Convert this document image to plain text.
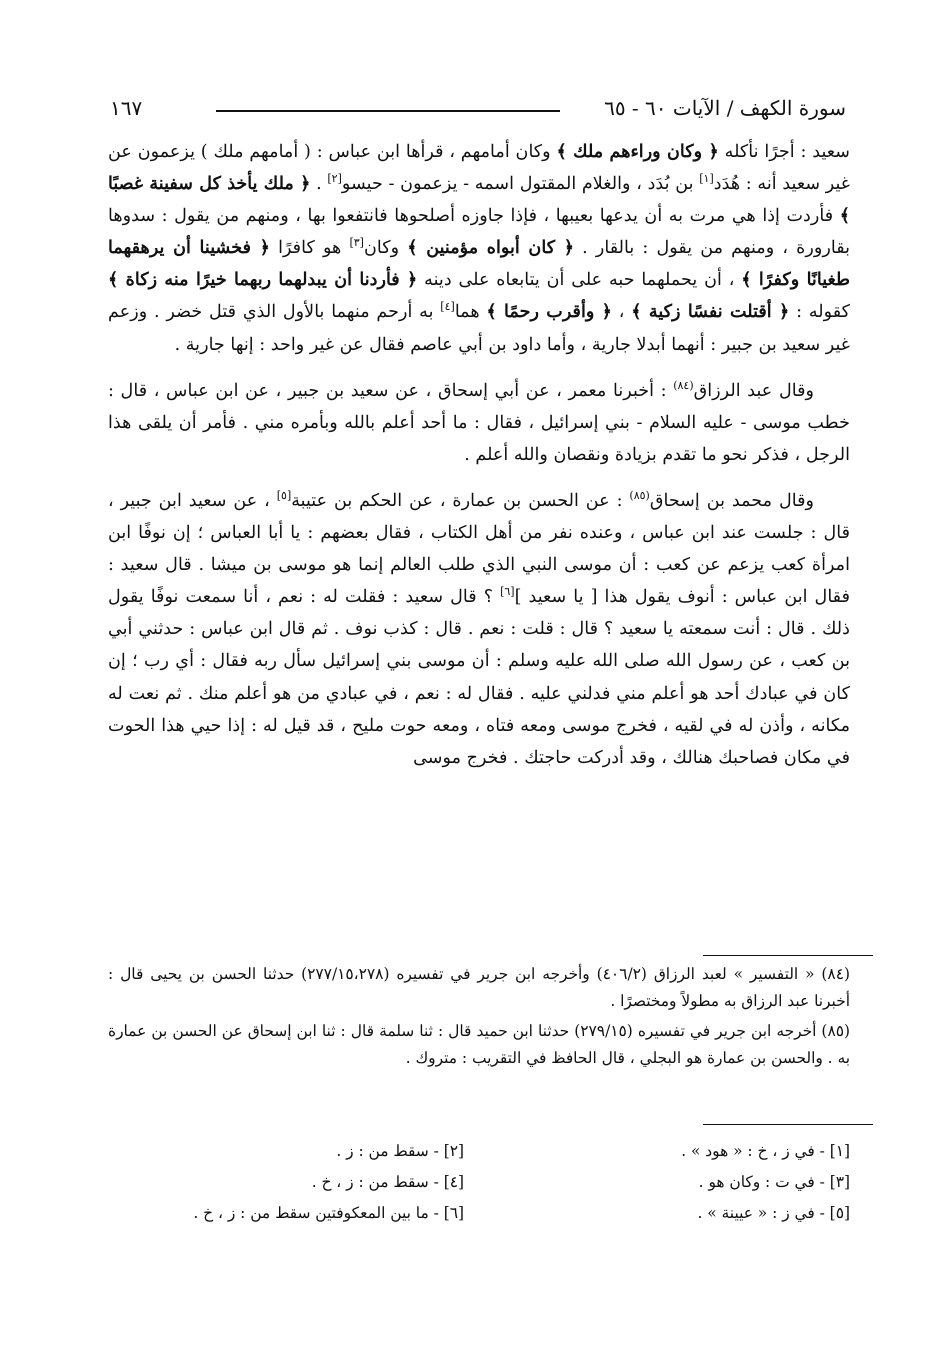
سورة الكهف / الآيات ٦٠ - ٦٥
١٦٧

سعيد : أجرًا نأكله ﴿ وكان وراءهم ملك ﴾ وكان أمامهم ، قرأها ابن عباس : ( أمامهم ملك ) يزعمون عن غير سعيد أنه : هُدَد[١] بن بُدَد ، والغلام المقتول اسمه - يزعمون - حيسو[٢] . ﴿ ملك يأخذ كل سفينة غصبًا ﴾ فأردت إذا هي مرت به أن يدعها بعيبها ، فإذا جاوزه أصلحوها فانتفعوا بها ، ومنهم من يقول : سدوها بقارورة ، ومنهم من يقول : بالقار . ﴿ كان أبواه مؤمنين ﴾ وكان[٣] هو كافرًا ﴿ فخشينا أن يرهقهما طغيانًا وكفرًا ﴾ ، أن يحملهما حبه على أن يتابعاه على دينه ﴿ فأردنا أن يبدلهما ربهما خيرًا منه زكاة ﴾ كقوله : ﴿ أقتلت نفسًا زكية ﴾ ، ﴿ وأقرب رحمًا ﴾ هما[٤] به أرحم منهما بالأول الذي قتل خضر . وزعم غير سعيد بن جبير : أنهما أبدلا جارية ، وأما داود بن أبي عاصم فقال عن غير واحد : إنها جارية .

وقال عبد الرزاق$^{(٨٤)}$ : أخبرنا معمر ، عن أبي إسحاق ، عن سعيد بن جبير ، عن ابن عباس ، قال : خطب موسى - عليه السلام - بني إسرائيل ، فقال : ما أحد أعلم بالله وبأمره مني . فأمر أن يلقى هذا الرجل ، فذكر نحو ما تقدم بزيادة ونقصان والله أعلم .

وقال محمد بن إسحاق$^{(٨٥)}$ : عن الحسن بن عمارة ، عن الحكم بن عتيبة[٥] ، عن سعيد ابن جبير ، قال : جلست عند ابن عباس ، وعنده نفر من أهل الكتاب ، فقال بعضهم : يا أبا العباس ؛ إن نوفًا ابن امرأة كعب يزعم عن كعب : أن موسى النبي الذي طلب العالم إنما هو موسى بن ميشا . قال سعيد : فقال ابن عباس : أنوف يقول هذا [ يا سعيد ][٦] ؟ قال سعيد : فقلت له : نعم ، أنا سمعت نوفًا يقول ذلك . قال : أنت سمعته يا سعيد ؟ قال : قلت : نعم . قال : كذب نوف . ثم قال ابن عباس : حدثني أبي بن كعب ، عن رسول الله صلى الله عليه وسلم : أن موسى بني إسرائيل سأل ربه فقال : أي رب ؛ إن كان في عبادك أحد هو أعلم مني فدلني عليه . فقال له : نعم ، في عبادي من هو أعلم منك . ثم نعت له مكانه ، وأذن له في لقيه ، فخرج موسى ومعه فتاه ، ومعه حوت مليح ، قد قيل له : إذا حيي هذا الحوت في مكان فصاحبك هنالك ، وقد أدركت حاجتك . فخرج موسى

(٨٤) « التفسير » لعبد الرزاق (٤٠٦/٢) وأخرجه ابن جرير في تفسيره (٢٧٧/١٥،٢٧٨) حدثنا الحسن بن يحيى قال : أخبرنا عبد الرزاق به مطولاً ومختصرًا .

(٨٥) أخرجه ابن جرير في تفسيره (٢٧٩/١٥) حدثنا ابن حميد قال : ثنا سلمة قال : ثنا ابن إسحاق عن الحسن بن عمارة به . والحسن بن عمارة هو البجلي ، قال الحافظ في التقريب : متروك .

[١] - في ز ، خ : « هود » .
[٢] - سقط من : ز .
[٣] - في ت : وكان هو .
[٤] - سقط من : ز ، خ .
[٥] - في ز : « عيينة » .
[٦] - ما بين المعكوفتين سقط من : ز ، خ .
